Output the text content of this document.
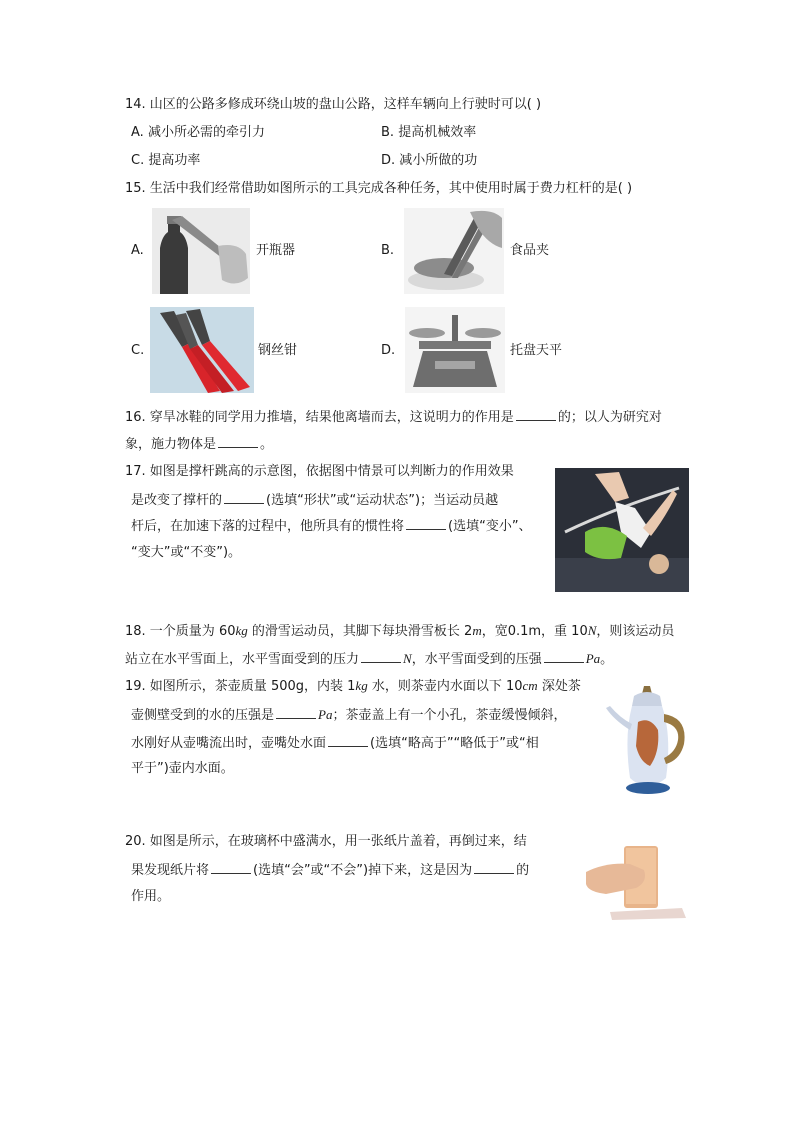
14. 山区的公路多修成环绕山坡的盘山公路，这样车辆向上行驶时可以( )
A. 减小所必需的牵引力	B. 提高机械效率
C. 提高功率	D. 减小所做的功
15. 生活中我们经常借助如图所示的工具完成各种任务，其中使用时属于费力杠杆的是( )
A.	开瓶器	B.	食品夹
C.	钢丝钳	D.	托盘天平
16. 穿旱冰鞋的同学用力推墙，结果他离墙而去，这说明力的作用是	的；以人为研究对
象，施力物体是	。
17. 如图是撑杆跳高的示意图，依据图中情景可以判断力的作用效果
是改变了撑杆的	(选填“形状”或“运动状态”)；当运动员越
杆后，在加速下落的过程中，他所具有的惯性将	(选填“变小”、
“变大”或“不变”)。
18. 一个质量为 60kg 的滑雪运动员，其脚下每块滑雪板长 2m，宽0.1m，重 10N，则该运动员
站立在水平雪面上，水平雪面受到的压力	N，水平雪面受到的压强	Pa。
19. 如图所示，茶壶质量 500g，内装 1kg 水，则茶壶内水面以下 10cm 深处茶
壶侧壁受到的水的压强是	Pa；茶壶盖上有一个小孔，茶壶缓慢倾斜，
水刚好从壶嘴流出时，壶嘴处水面	(选填“略高于”“略低于”或“相
平于”)壶内水面。
20. 如图是所示，在玻璃杯中盛满水，用一张纸片盖着，再倒过来，结
果发现纸片将	(选填“会”或“不会”)掉下来，这是因为	的
作用。
